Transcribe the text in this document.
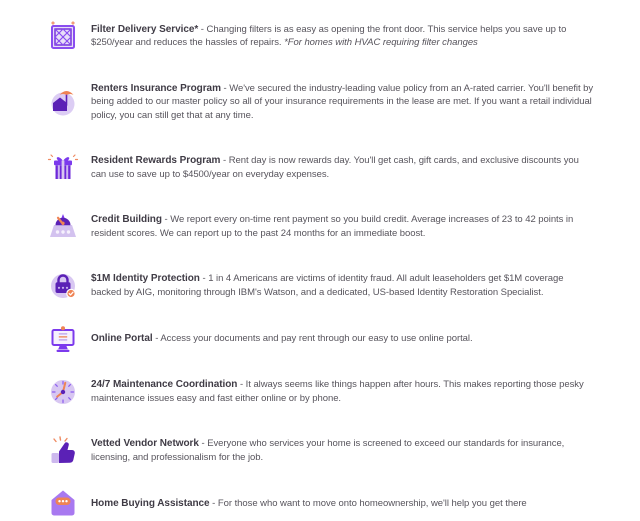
Filter Delivery Service* - Changing filters is as easy as opening the front door. This service helps you save up to $250/year and reduces the hassles of repairs. *For homes with HVAC requiring filter changes

Renters Insurance Program - We've secured the industry-leading value policy from an A-rated carrier. You'll benefit by being added to our master policy so all of your insurance requirements in the lease are met. If you want a retail individual policy, you can still get that at any time.

Resident Rewards Program - Rent day is now rewards day. You'll get cash, gift cards, and exclusive discounts you can use to save up to $4500/year on everyday expenses.

Credit Building - We report every on-time rent payment so you build credit. Average increases of 23 to 42 points in resident scores. We can report up to the past 24 months for an immediate boost.

$1M Identity Protection - 1 in 4 Americans are victims of identity fraud. All adult leaseholders get $1M coverage backed by AIG, monitoring through IBM's Watson, and a dedicated, US-based Identity Restoration Specialist.

Online Portal - Access your documents and pay rent through our easy to use online portal.

24/7 Maintenance Coordination - It always seems like things happen after hours. This makes reporting those pesky maintenance issues easy and fast either online or by phone.

Vetted Vendor Network - Everyone who services your home is screened to exceed our standards for insurance, licensing, and professionalism for the job.

Home Buying Assistance - For those who want to move onto homeownership, we'll help you get there
